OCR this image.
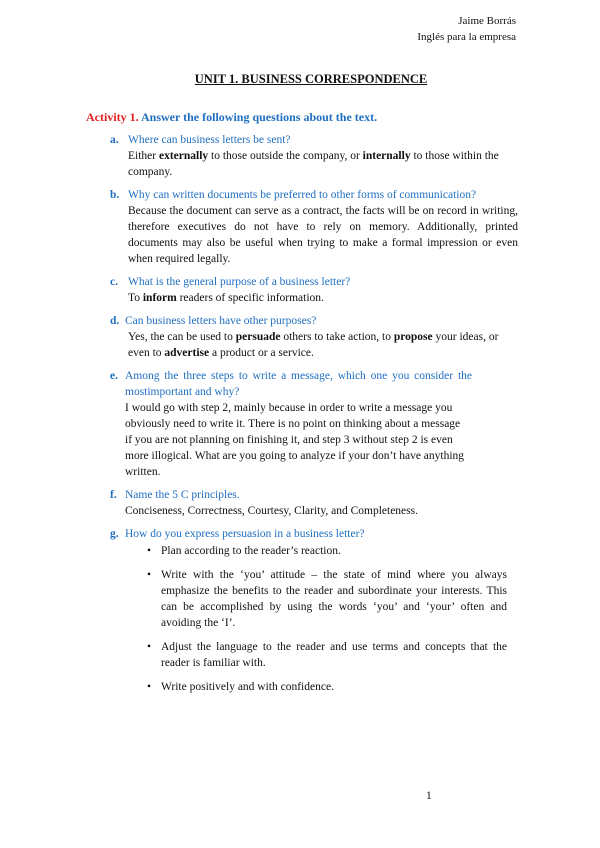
Jaime Borrás
Inglés para la empresa
UNIT 1. BUSINESS CORRESPONDENCE
Activity 1. Answer the following questions about the text.
a. Where can business letters be sent?
Either externally to those outside the company, or internally to those within the company.
b. Why can written documents be preferred to other forms of communication?
Because the document can serve as a contract, the facts will be on record in writing, therefore executives do not have to rely on memory. Additionally, printed documents may also be useful when trying to make a formal impression or even when required legally.
c. What is the general purpose of a business letter?
To inform readers of specific information.
d. Can business letters have other purposes?
Yes, the can be used to persuade others to take action, to propose your ideas, or even to advertise a product or a service.
e. Among the three steps to write a message, which one you consider the mostimportant and why?
I would go with step 2, mainly because in order to write a message you obviously need to write it. There is no point on thinking about a message if you are not planning on finishing it, and step 3 without step 2 is even more illogical. What are you going to analyze if your don’t have anything written.
f. Name the 5 C principles.
Conciseness, Correctness, Courtesy, Clarity, and Completeness.
g. How do you express persuasion in a business letter?
• Plan according to the reader’s reaction.
• Write with the ‘you’ attitude – the state of mind where you always emphasize the benefits to the reader and subordinate your interests. This can be accomplished by using the words ‘you’ and ‘your’ often and avoiding the ‘I’.
• Adjust the language to the reader and use terms and concepts that the reader is familiar with.
• Write positively and with confidence.
1
